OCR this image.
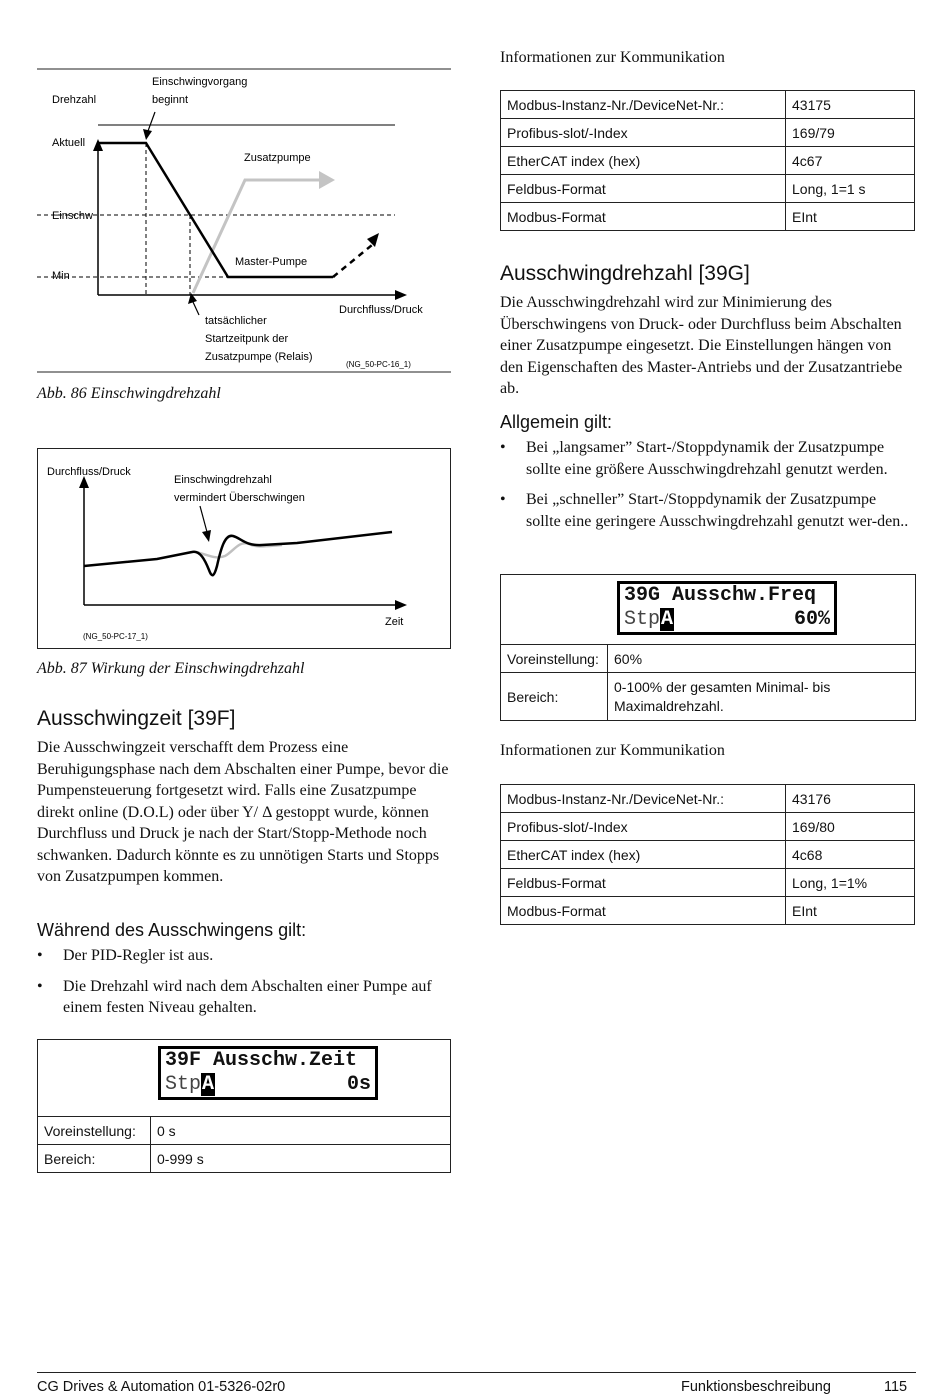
Drehzahl
Einschwingvorgang
beginnt
Aktuell
Zusatzpumpe
Einschw
Master-Pumpe
Min
Durchfluss/Druck
tatsächlicher
Startzeitpunk der
Zusatzpumpe (Relais)
(NG_50-PC-16_1)
Abb. 86 Einschwingdrehzahl
Durchfluss/Druck
Einschwingdrehzahl
vermindert Überschwingen
Zeit
(NG_50-PC-17_1)
Abb. 87 Wirkung der Einschwingdrehzahl
Ausschwingzeit [39F]
Die Ausschwingzeit verschafft dem Prozess eine Beruhigungsphase nach dem Abschalten einer Pumpe, bevor die Pumpensteuerung fortgesetzt wird. Falls eine Zusatzpumpe direkt online (D.O.L) oder über Y/ Δ gestoppt wurde, können Durchfluss und Druck je nach der Start/Stopp-Methode noch schwanken. Dadurch könnte es zu unnötigen Starts und Stopps von Zusatzpumpen kommen.
Während des Ausschwingens gilt:
• Der PID-Regler ist aus.
• Die Drehzahl wird nach dem Abschalten einer Pumpe auf einem festen Niveau gehalten.
39F Ausschw.Zeit
StpA	0s
Voreinstellung:	0 s
Bereich:	0-999 s
Informationen zur Kommunikation
Modbus-Instanz-Nr./DeviceNet-Nr.:	43175
Profibus-slot/-Index	169/79
EtherCAT index (hex)	4c67
Feldbus-Format	Long, 1=1 s
Modbus-Format	EInt
Ausschwingdrehzahl [39G]
Die Ausschwingdrehzahl wird zur Minimierung des Überschwingens von Druck- oder Durchfluss beim Abschalten einer Zusatzpumpe eingesetzt. Die Einstellungen hängen von den Eigenschaften des Master-Antriebs und der Zusatzantriebe ab.
Allgemein gilt:
• Bei „langsamer” Start-/Stoppdynamik der Zusatzpumpe sollte eine größere Ausschwingdrehzahl genutzt werden.
• Bei „schneller” Start-/Stoppdynamik der Zusatzpumpe sollte eine geringere Ausschwingdrehzahl genutzt wer-den..
39G Ausschw.Freq
StpA	60%
Voreinstellung:	60%
Bereich:	0-100% der gesamten Minimal- bis Maximaldrehzahl.
Informationen zur Kommunikation
Modbus-Instanz-Nr./DeviceNet-Nr.:	43176
Profibus-slot/-Index	169/80
EtherCAT index (hex)	4c68
Feldbus-Format	Long, 1=1%
Modbus-Format	EInt
CG Drives & Automation 01-5326-02r0	Funktionsbeschreibung	115
